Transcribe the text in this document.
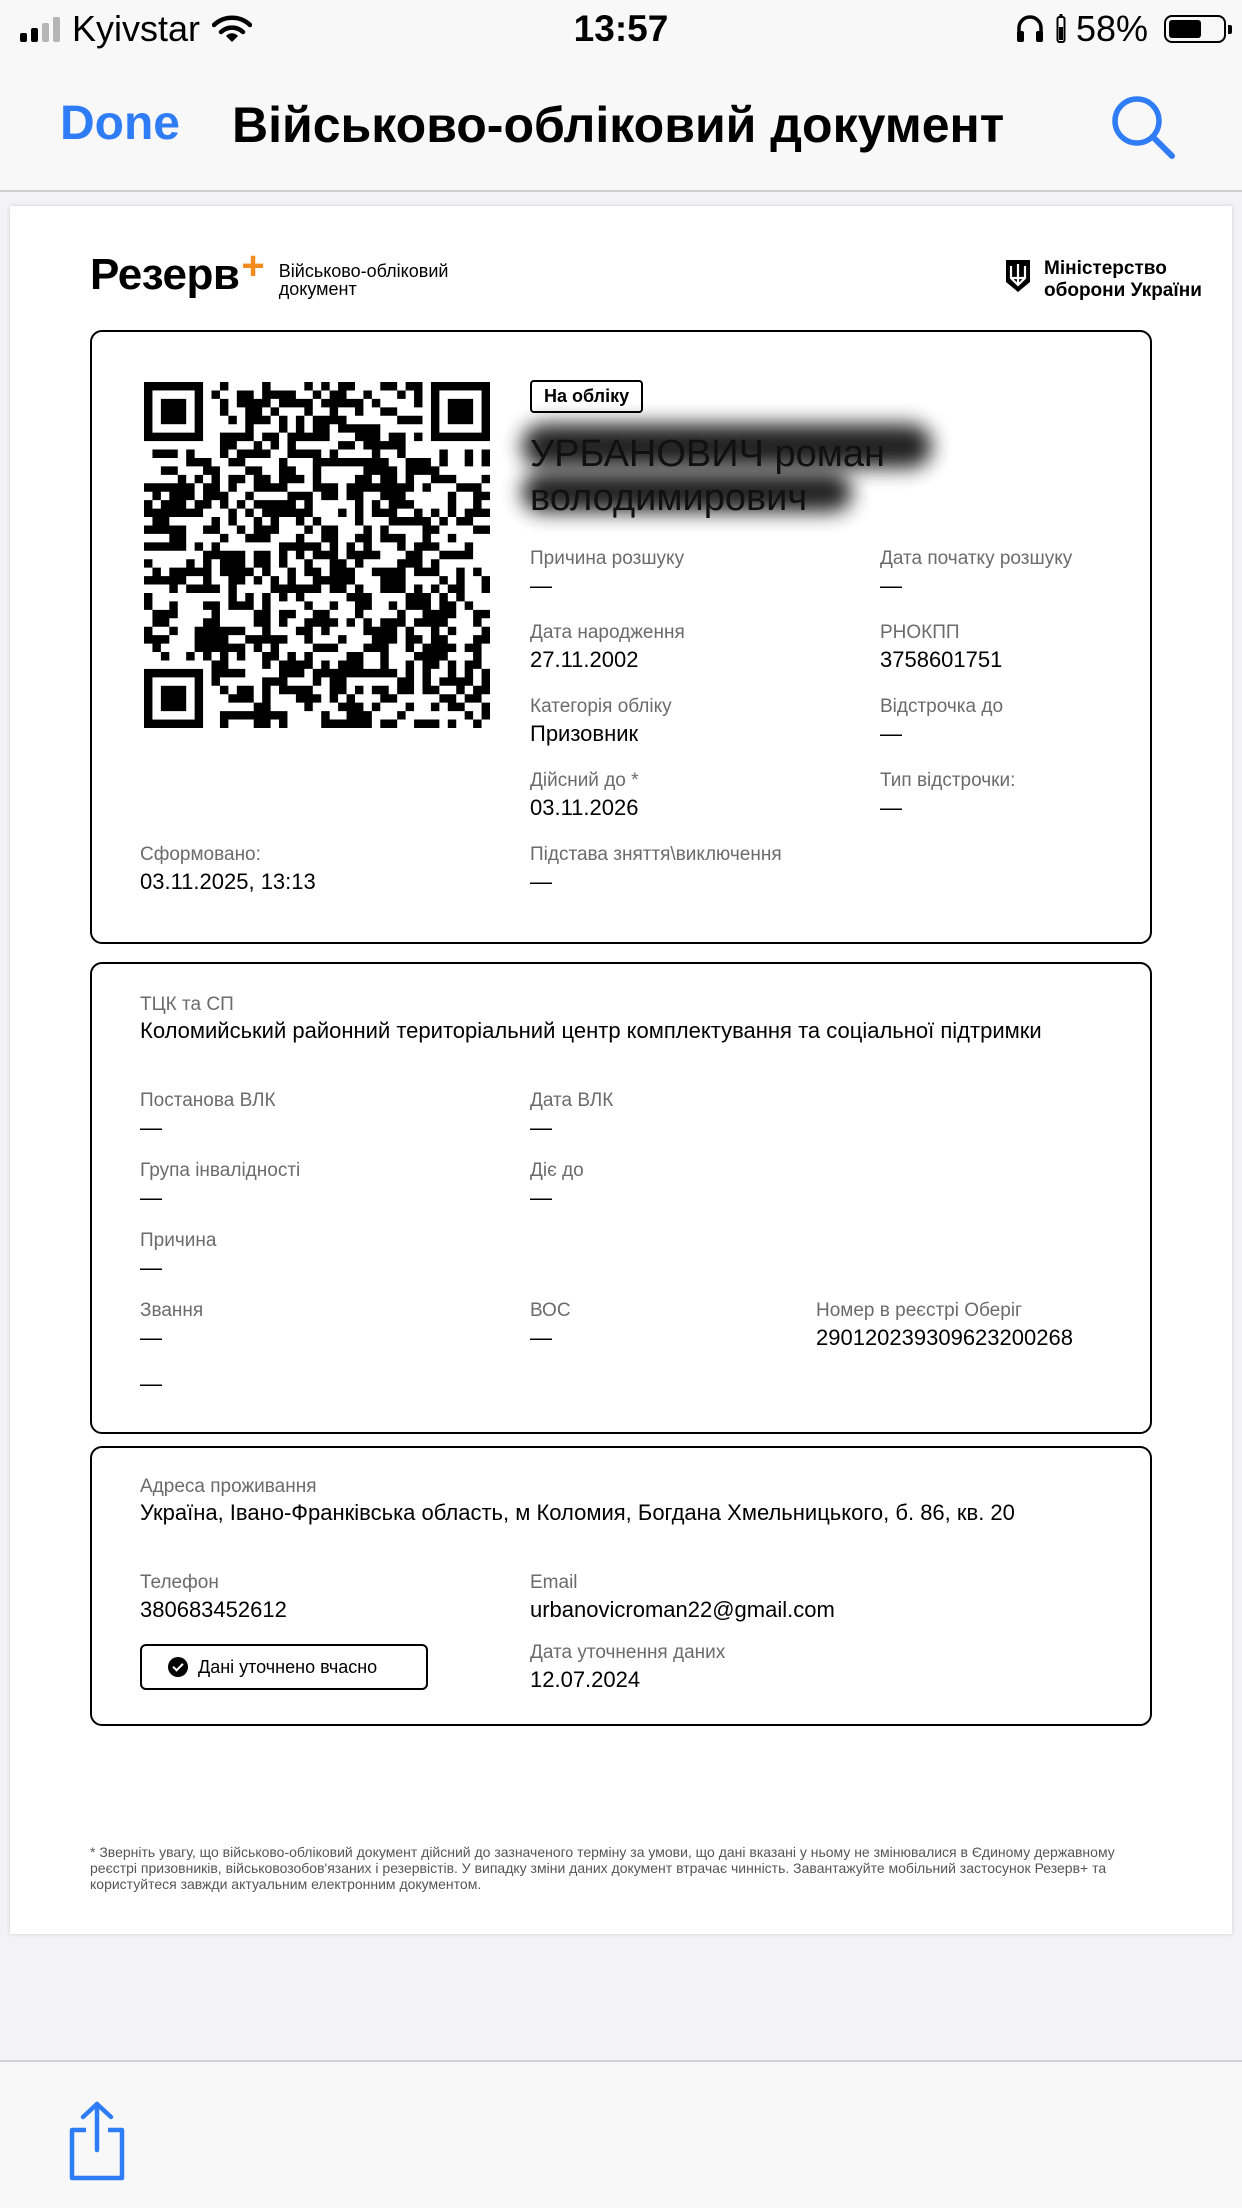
Kyivstar	13:57	58%
Done Військово-обліковий документ
Резерв + Військово-обліковий документ
Міністерство оборони України
На обліку
Причина розшуку
—
Дата початку розшуку
—
Дата народження
27.11.2002
РНОКПП
3758601751
Категорія обліку
Призовник
Відстрочка до
—
Дійсний до *
03.11.2026
Тип відстрочки:
—
Сформовано:
03.11.2025, 13:13
Підстава зняття\виключення
—
ТЦК та СП
Коломийський районний територіальний центр комплектування та соціальної підтримки
Постанова ВЛК
—
Дата ВЛК
—
Група інвалідності
—
Діє до
—
Причина
—
Звання
—
ВОС
—
Номер в реєстрі Оберіг
2901202393096232002​68
—
Адреса проживання
Україна, Івано-Франківська область, м Коломия, Богдана Хмельницького, б. 86, кв. 20
Телефон
380683452612
Email
urbanovicroman22@gmail.com
Дані уточнено вчасно
Дата уточнення даних
12.07.2024
* Зверніть увагу, що військово-обліковий документ дійсний до зазначеного терміну за умови, що дані вказані у ньому не змінювалися в Єдиному державному реєстрі призовників, військовозобов'язаних і резервістів. У випадку зміни даних документ втрачає чинність. Завантажуйте мобільний застосунок Резерв+ та користуйтеся завжди актуальним електронним документом.
